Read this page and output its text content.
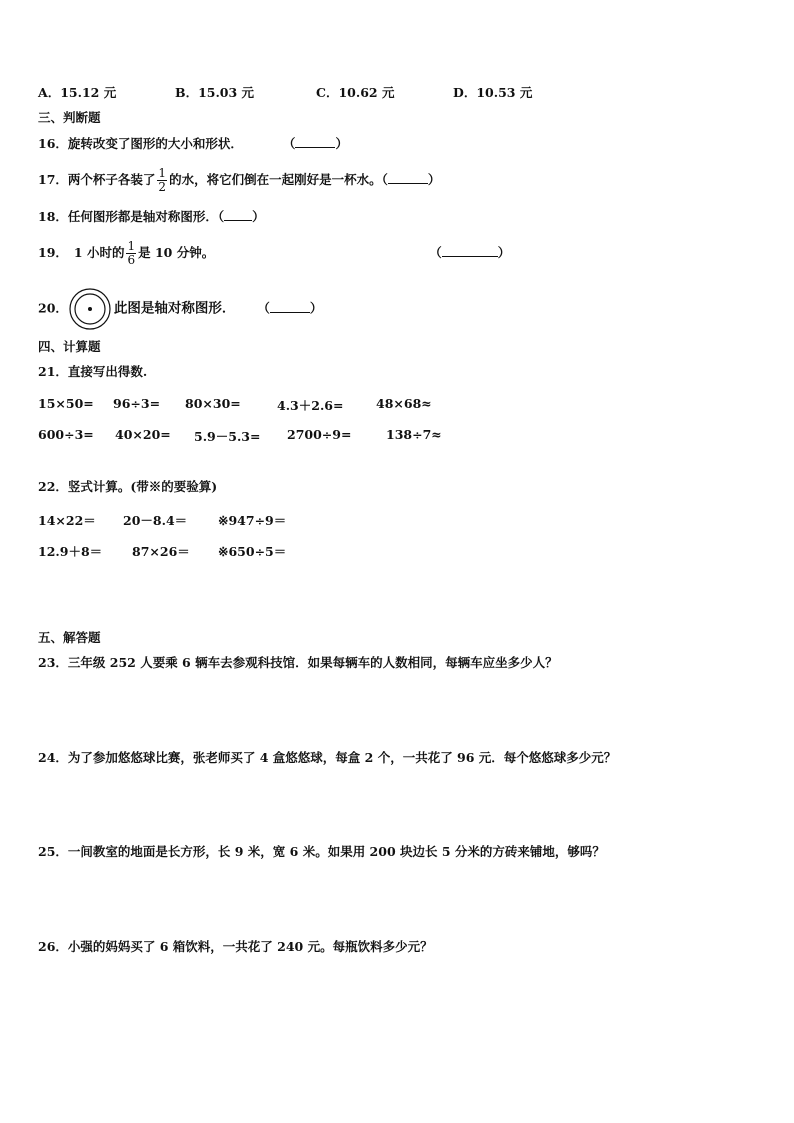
A．15.12 元	B．15.03 元	C．10.62 元	D．10.53 元
三、判断题
16．旋转改变了图形的大小和形状．	（	）
17．两个杯子各装了 $\frac{1}{2}$ 的水，将它们倒在一起刚好是一杯水。（	）
18．任何图形都是轴对称图形．（ ）
19． 1 小时的 $\frac{1}{6}$ 是 10 分钟。	（	）
20．	此图是轴对称图形． （	）
四、计算题
21．直接写出得数.
15×50= 96÷3= 80×30=	4.3＋2.6=	48×68≈
600÷3= 40×20= 5.9－5.3= 2700÷9=	138÷7≈
22．竖式计算。(带※的要验算)
14×22＝ 20－8.4＝ ※947÷9＝
12.9＋8＝ 87×26＝ ※650÷5＝
五、解答题
23．三年级 252 人要乘 6 辆车去参观科技馆．如果每辆车的人数相同，每辆车应坐多少人？
24．为了参加悠悠球比赛，张老师买了 4 盒悠悠球，每盒 2 个，一共花了 96 元．每个悠悠球多少元？
25．一间教室的地面是长方形，长 9 米，宽 6 米。如果用 200 块边长 5 分米的方砖来铺地，够吗？
26．小强的妈妈买了 6 箱饮料，一共花了 240 元。每瓶饮料多少元？
